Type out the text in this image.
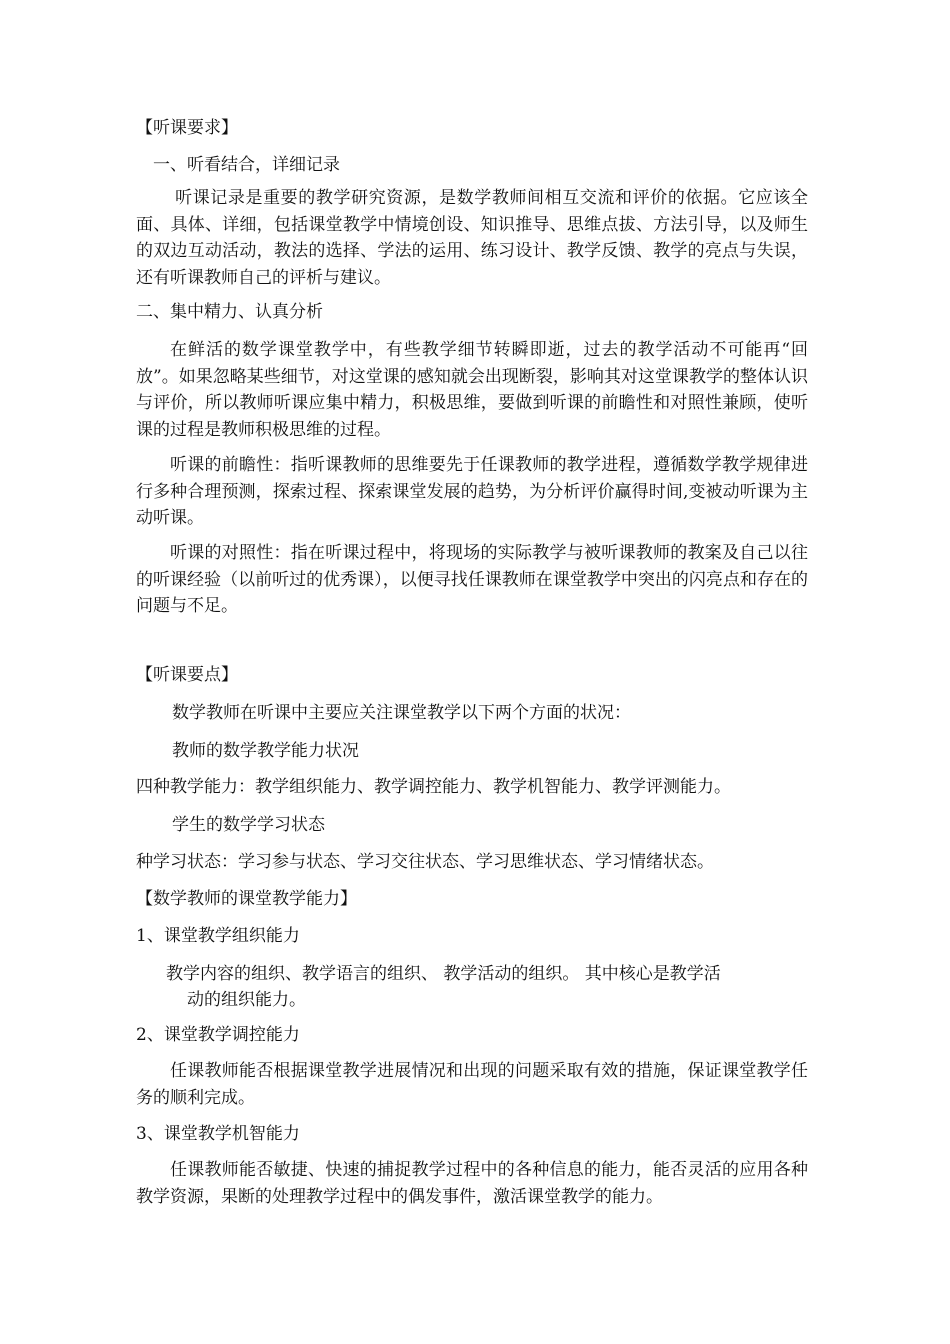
【听课要求】

一、听看结合，详细记录

听课记录是重要的教学研究资源，是数学教师间相互交流和评价的依据。它应该全面、具体、详细，包括课堂教学中情境创设、知识推导、思维点拔、方法引导，以及师生的双边互动活动，教法的选择、学法的运用、练习设计、教学反馈、教学的亮点与失误，还有听课教师自己的评析与建议。

二、集中精力、认真分析

在鲜活的数学课堂教学中，有些教学细节转瞬即逝，过去的教学活动不可能再“回放”。如果忽略某些细节，对这堂课的感知就会出现断裂，影响其对这堂课教学的整体认识与评价，所以教师听课应集中精力，积极思维，要做到听课的前瞻性和对照性兼顾，使听课的过程是教师积极思维的过程。

听课的前瞻性：指听课教师的思维要先于任课教师的教学进程，遵循数学教学规律进行多种合理预测，探索过程、探索课堂发展的趋势，为分析评价赢得时间,变被动听课为主动听课。

听课的对照性：指在听课过程中，将现场的实际教学与被听课教师的教案及自己以往的听课经验（以前听过的优秀课），以便寻找任课教师在课堂教学中突出的闪亮点和存在的问题与不足。

【听课要点】

数学教师在听课中主要应关注课堂教学以下两个方面的状况：

教师的数学教学能力状况

四种教学能力：教学组织能力、教学调控能力、教学机智能力、教学评测能力。

学生的数学学习状态

种学习状态：学习参与状态、学习交往状态、学习思维状态、学习情绪状态。

【数学教师的课堂教学能力】

1、课堂教学组织能力

教学内容的组织、教学语言的组织、 教学活动的组织。 其中核心是教学活

动的组织能力。

2、课堂教学调控能力

任课教师能否根据课堂教学进展情况和出现的问题采取有效的措施，保证课堂教学任务的顺利完成。

3、课堂教学机智能力

任课教师能否敏捷、快速的捕捉教学过程中的各种信息的能力，能否灵活的应用各种教学资源，果断的处理教学过程中的偶发事件，激活课堂教学的能力。
